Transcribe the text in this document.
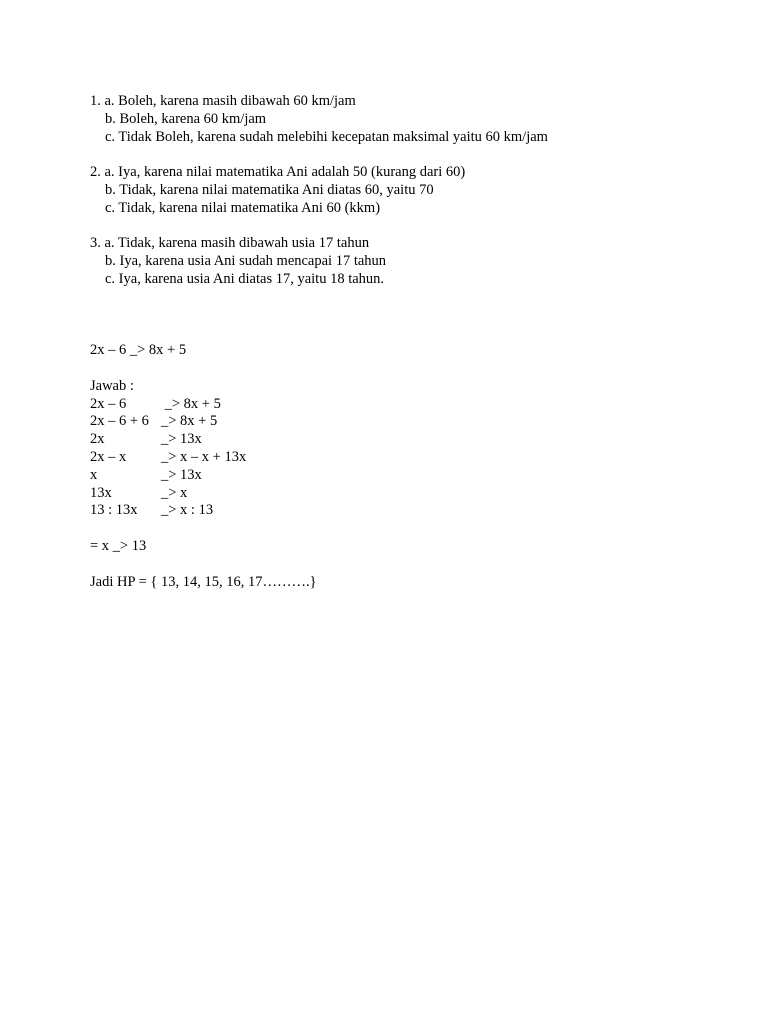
1. a. Boleh, karena masih dibawah 60 km/jam
b. Boleh, karena 60 km/jam
c. Tidak Boleh, karena sudah melebihi kecepatan maksimal yaitu 60 km/jam
2. a. Iya, karena nilai matematika Ani adalah 50 (kurang dari 60)
b. Tidak, karena nilai matematika Ani diatas 60, yaitu 70
c. Tidak, karena nilai matematika Ani 60 (kkm)
3. a. Tidak, karena masih dibawah usia 17 tahun
b. Iya, karena usia Ani sudah mencapai 17 tahun
c. Iya, karena usia Ani diatas 17, yaitu 18 tahun.
2x – 6 _> 8x + 5
Jawab :
2x – 6	_> 8x + 5
2x – 6 + 6 _> 8x + 5
2x	_> 13x
2x – x	_> x – x + 13x
x	_> 13x
13x	_> x
13 : 13x	_> x : 13
= x _> 13
Jadi HP = { 13, 14, 15, 16, 17……….}
